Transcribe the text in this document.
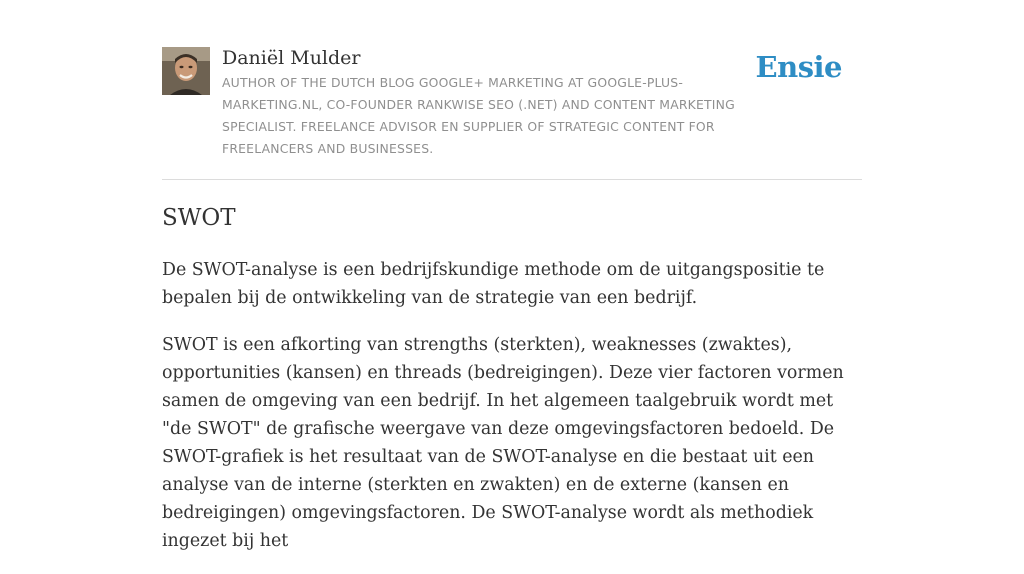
Daniël Mulder
AUTHOR OF THE DUTCH BLOG GOOGLE+ MARKETING AT GOOGLE-PLUS-MARKETING.NL, CO-FOUNDER RANKWISE SEO (.NET) AND CONTENT MARKETING SPECIALIST. FREELANCE ADVISOR EN SUPPLIER OF STRATEGIC CONTENT FOR FREELANCERS AND BUSINESSES.
Ensie
SWOT

De SWOT-analyse is een bedrijfskundige methode om de uitgangspositie te bepalen bij de ontwikkeling van de strategie van een bedrijf.

SWOT is een afkorting van strengths (sterkten), weaknesses (zwaktes), opportunities (kansen) en threads (bedreigingen). Deze vier factoren vormen samen de omgeving van een bedrijf. In het algemeen taalgebruik wordt met "de SWOT" de grafische weergave van deze omgevingsfactoren bedoeld. De SWOT-grafiek is het resultaat van de SWOT-analyse en die bestaat uit een analyse van de interne (sterkten en zwakten) en de externe (kansen en bedreigingen) omgevingsfactoren. De SWOT-analyse wordt als methodiek ingezet bij het
